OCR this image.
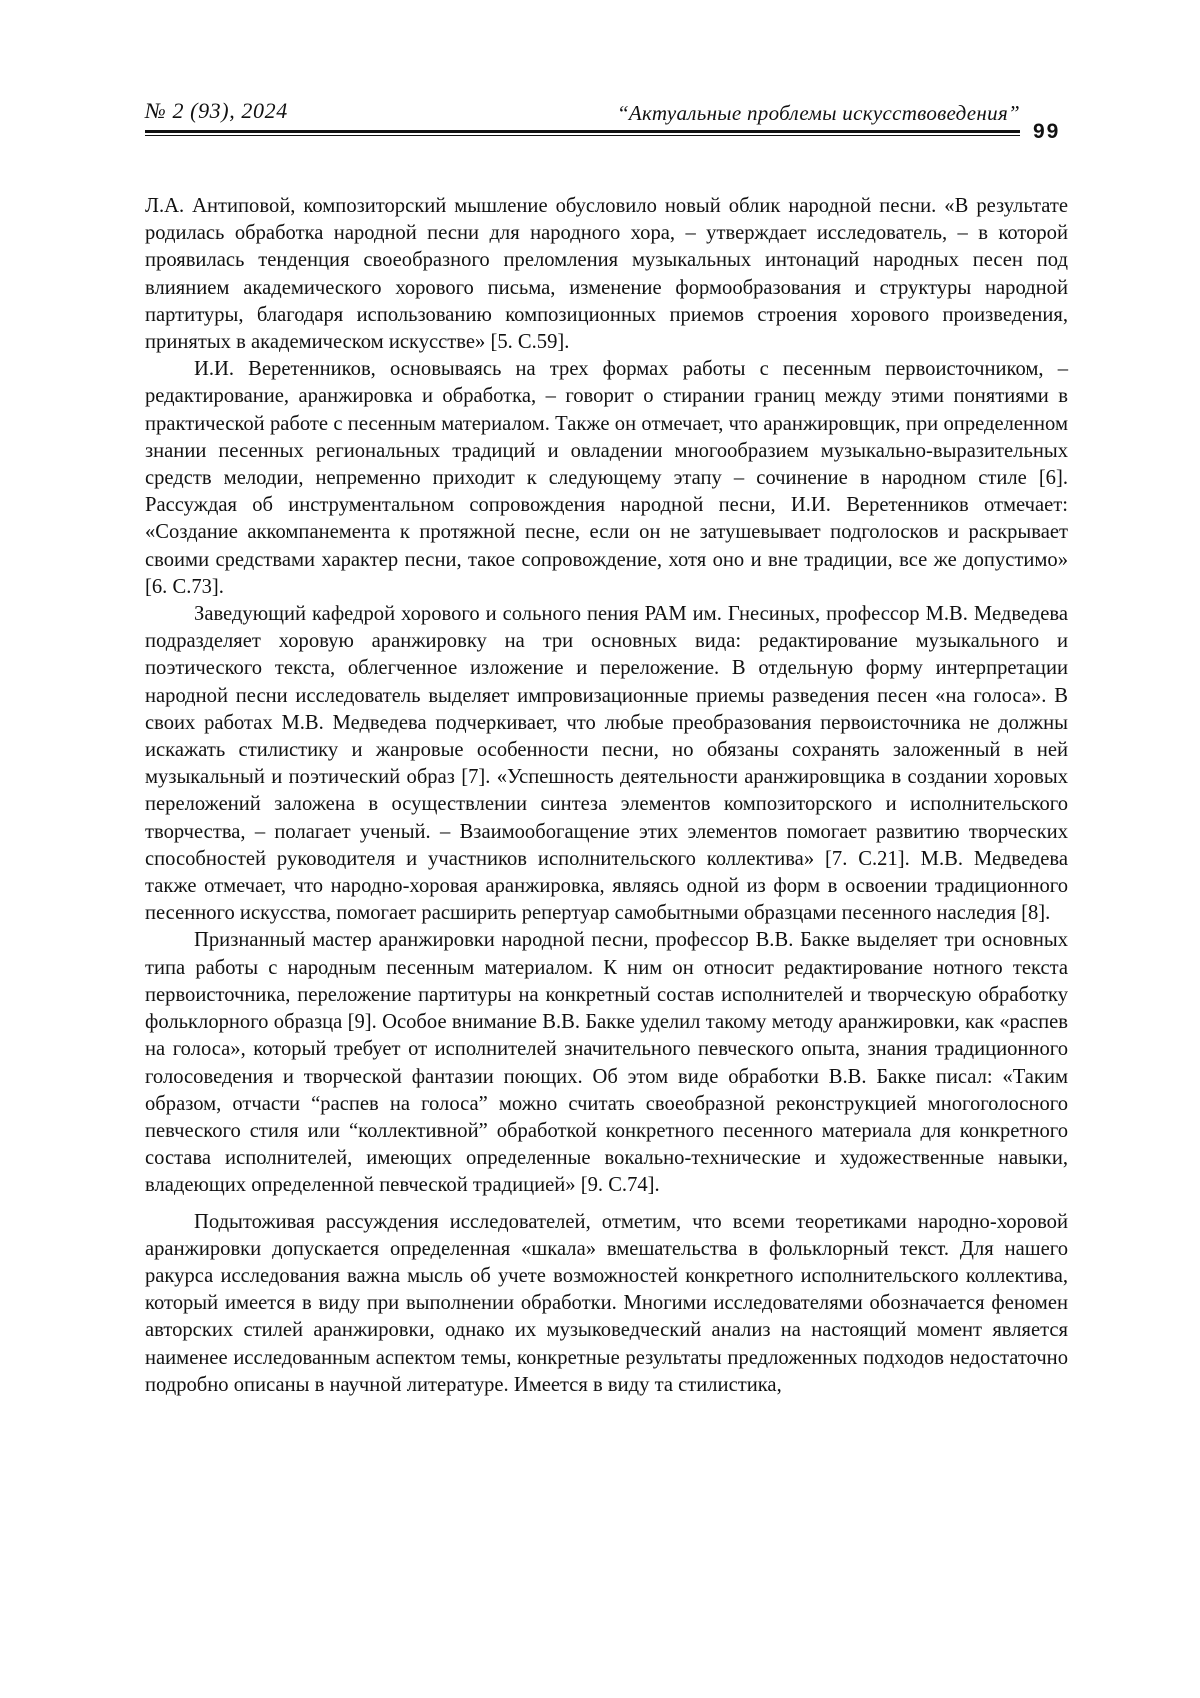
№ 2 (93), 2024	“Актуальные проблемы искусствоведения”
99

Л.А. Антиповой, композиторский мышление обусловило новый облик народной песни. «В результате родилась обработка народной песни для народного хора, – утверждает исследователь, – в которой проявилась тенденция своеобразного преломления музыкальных интонаций народных песен под влиянием академического хорового письма, изменение формообразования и структуры народной партитуры, благодаря использованию композиционных приемов строения хорового произведения, принятых в академическом искусстве» [5. С.59].

И.И. Веретенников, основываясь на трех формах работы с песенным первоисточником, – редактирование, аранжировка и обработка, – говорит о стирании границ между этими понятиями в практической работе с песенным материалом. Также он отмечает, что аранжировщик, при определенном знании песенных региональных традиций и овладении многообразием музыкально-выразительных средств мелодии, непременно приходит к следующему этапу – сочинение в народном стиле [6]. Рассуждая об инструментальном сопровождения народной песни, И.И. Веретенников отмечает: «Создание аккомпанемента к протяжной песне, если он не затушевывает подголосков и раскрывает своими средствами характер песни, такое сопровождение, хотя оно и вне традиции, все же допустимо» [6. С.73].

Заведующий кафедрой хорового и сольного пения РАМ им. Гнесиных, профессор М.В. Медведева подразделяет хоровую аранжировку на три основных вида: редактирование музыкального и поэтического текста, облегченное изложение и переложение. В отдельную форму интерпретации народной песни исследователь выделяет импровизационные приемы разведения песен «на голоса». В своих работах М.В. Медведева подчеркивает, что любые преобразования первоисточника не должны искажать стилистику и жанровые особенности песни, но обязаны сохранять заложенный в ней музыкальный и поэтический образ [7]. «Успешность деятельности аранжировщика в создании хоровых переложений заложена в осуществлении синтеза элементов композиторского и исполнительского творчества, – полагает ученый. – Взаимообогащение этих элементов помогает развитию творческих способностей руководителя и участников исполнительского коллектива» [7. С.21]. М.В. Медведева также отмечает, что народно-хоровая аранжировка, являясь одной из форм в освоении традиционного песенного искусства, помогает расширить репертуар самобытными образцами песенного наследия [8].

Признанный мастер аранжировки народной песни, профессор В.В. Бакке выделяет три основных типа работы с народным песенным материалом. К ним он относит редактирование нотного текста первоисточника, переложение партитуры на конкретный состав исполнителей и творческую обработку фольклорного образца [9]. Особое внимание В.В. Бакке уделил такому методу аранжировки, как «распев на голоса», который требует от исполнителей значительного певческого опыта, знания традиционного голосоведения и творческой фантазии поющих. Об этом виде обработки В.В. Бакке писал: «Таким образом, отчасти “распев на голоса” можно считать своеобразной реконструкцией многоголосного певческого стиля или “коллективной” обработкой конкретного песенного материала для конкретного состава исполнителей, имеющих определенные вокально-технические и художественные навыки, владеющих определенной певческой традицией» [9. С.74].

Подытоживая рассуждения исследователей, отметим, что всеми теоретиками народно-хоровой аранжировки допускается определенная «шкала» вмешательства в фольклорный текст. Для нашего ракурса исследования важна мысль об учете возможностей конкретного исполнительского коллектива, который имеется в виду при выполнении обработки. Многими исследователями обозначается феномен авторских стилей аранжировки, однако их музыковедческий анализ на настоящий момент является наименее исследованным аспектом темы, конкретные результаты предложенных подходов недостаточно подробно описаны в научной литературе. Имеется в виду та стилистика,
